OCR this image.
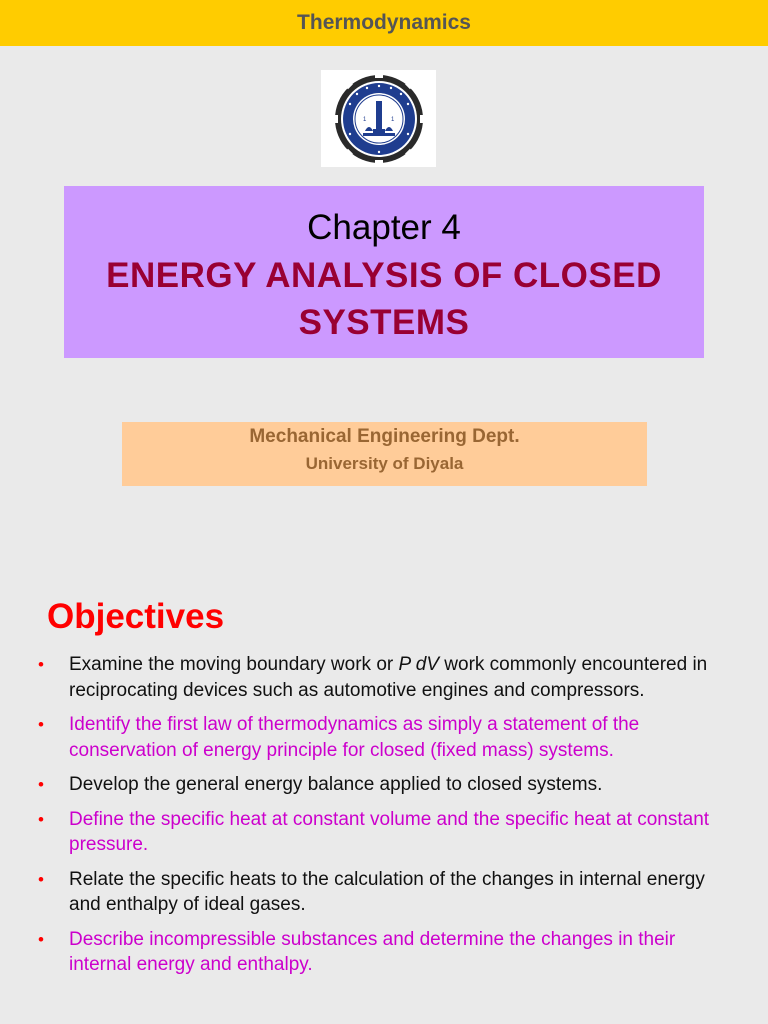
Thermodynamics
1	1
Chapter 4
ENERGY ANALYSIS OF CLOSED SYSTEMS
Mechanical Engineering Dept.
University of Diyala
Objectives
• Examine the moving boundary work or P dV work commonly encountered in reciprocating devices such as automotive engines and compressors.
• Identify the first law of thermodynamics as simply a statement of the conservation of energy principle for closed (fixed mass) systems.
• Develop the general energy balance applied to closed systems.
• Define the specific heat at constant volume and the specific heat at constant pressure.
• Relate the specific heats to the calculation of the changes in internal energy and enthalpy of ideal gases.
• Describe incompressible substances and determine the changes in their internal energy and enthalpy.
